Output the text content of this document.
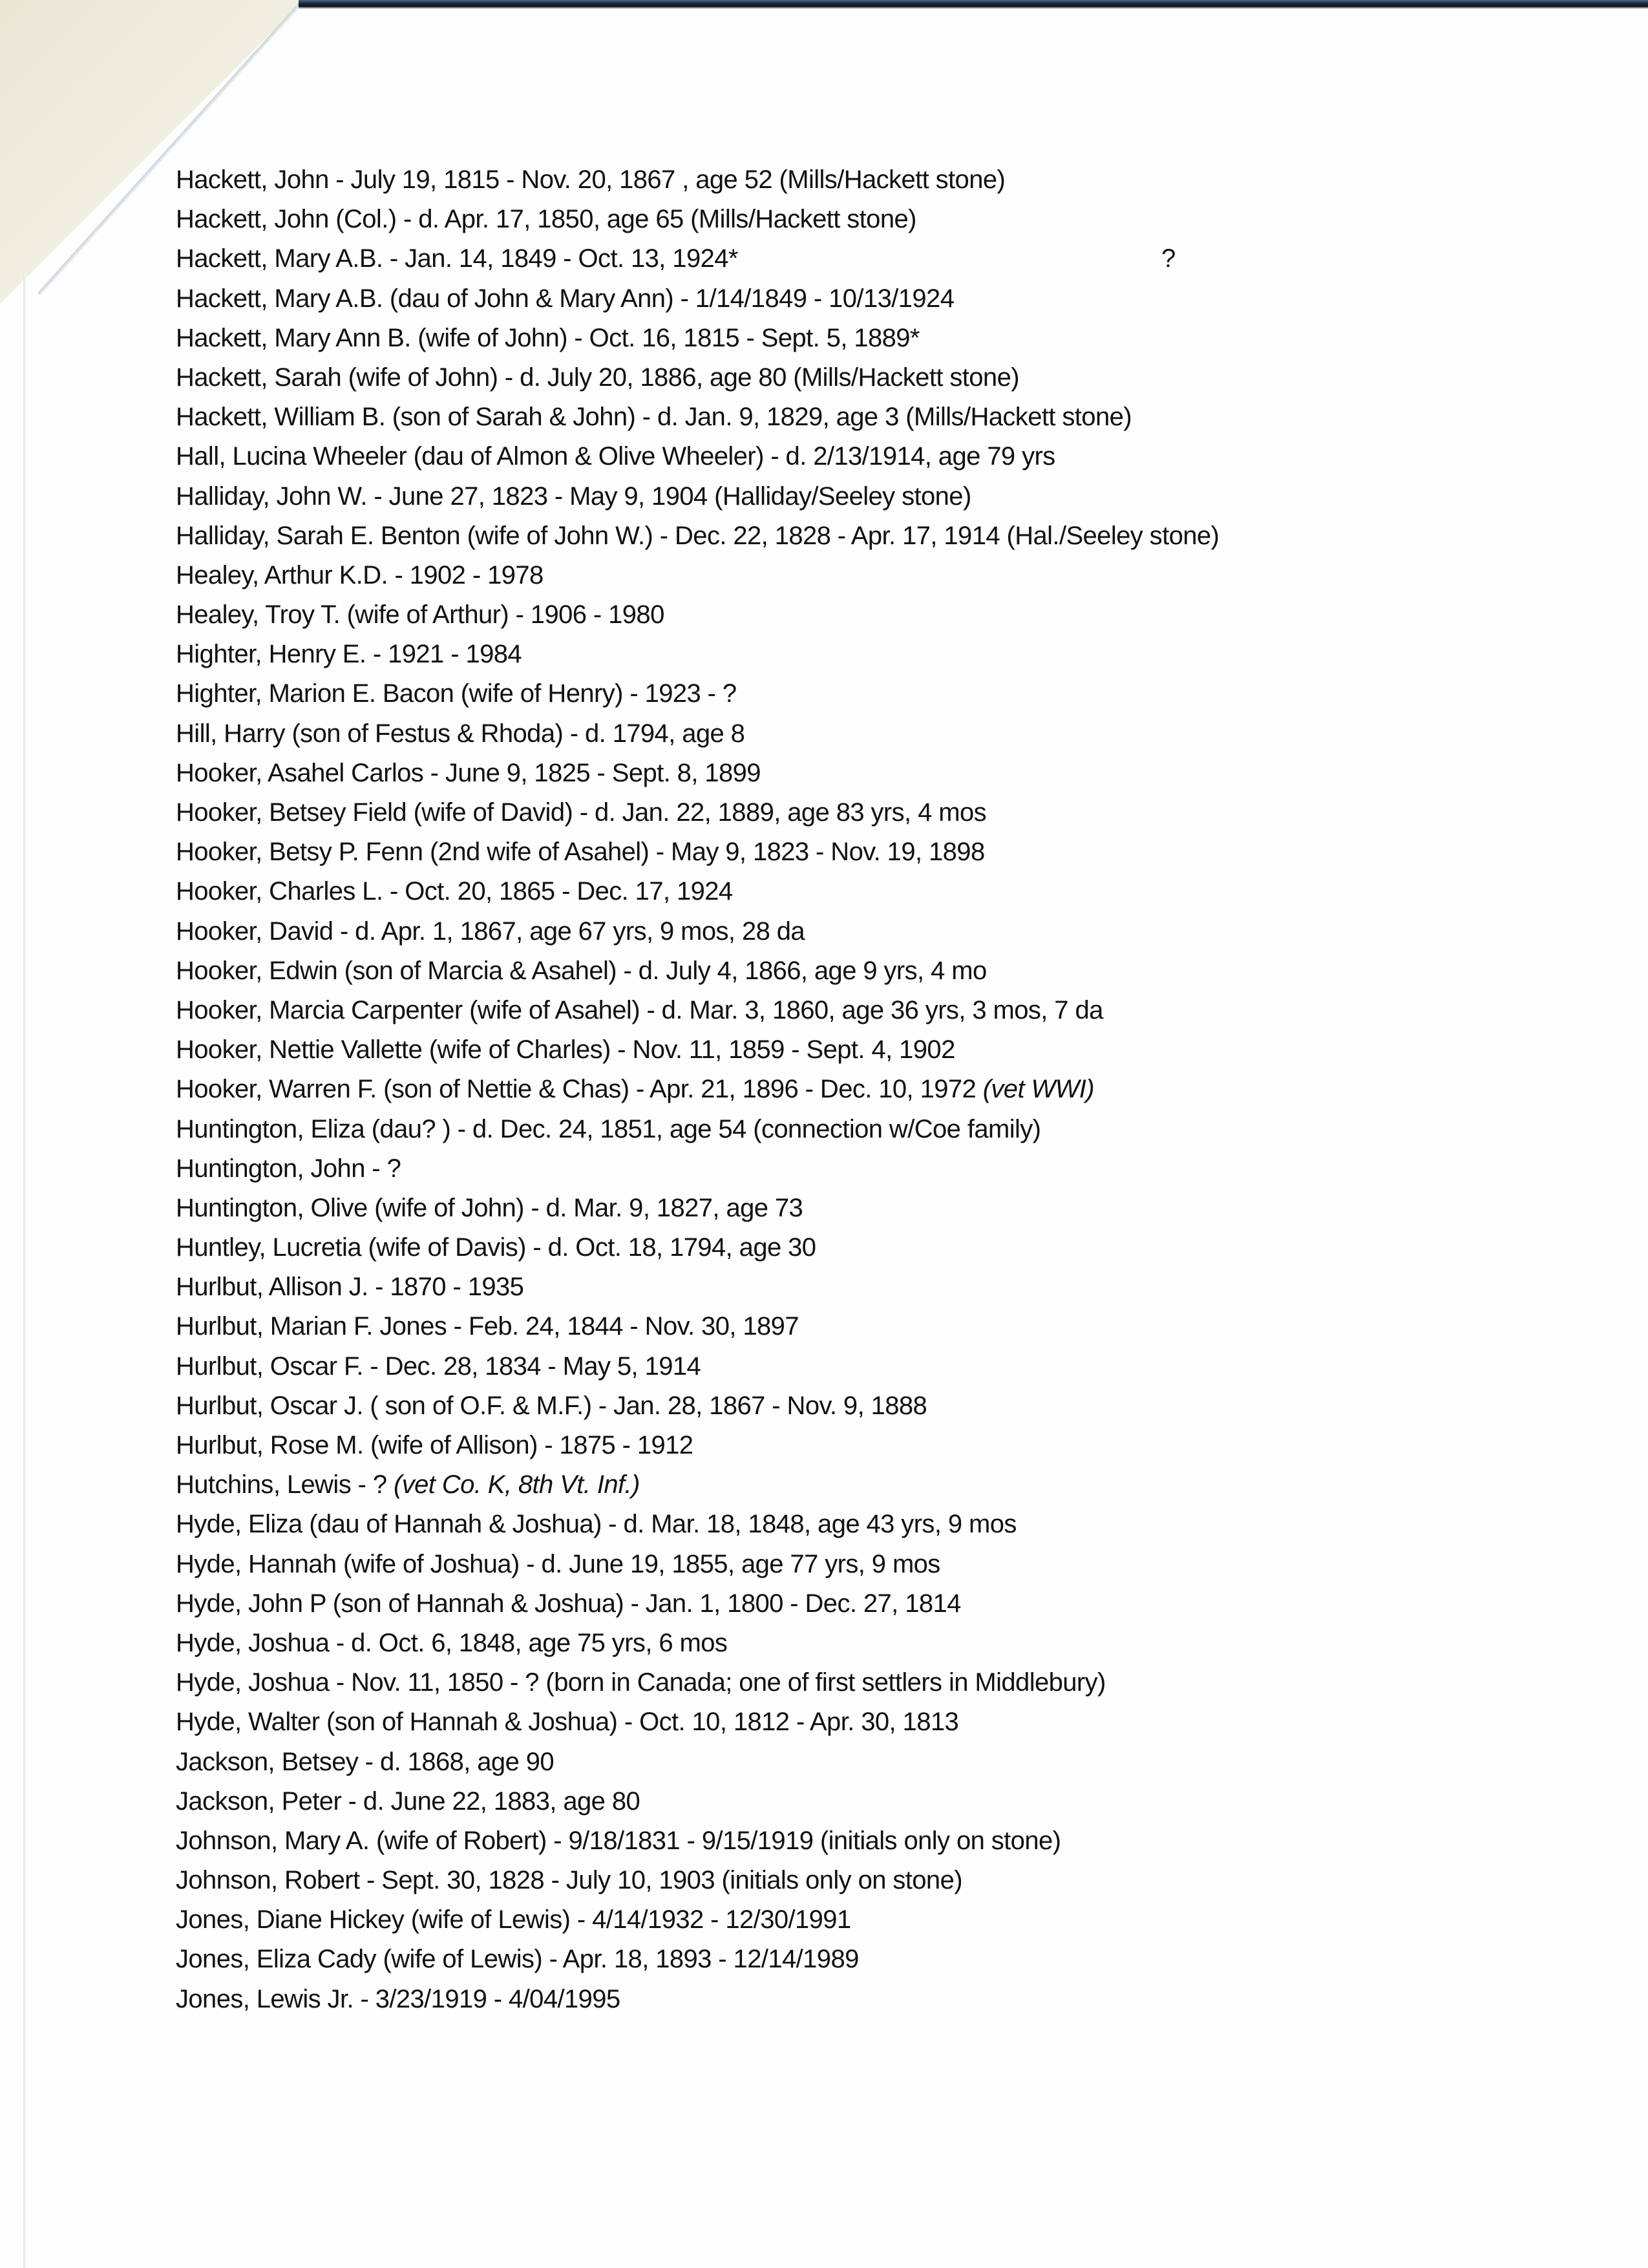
?
Hackett, John - July 19, 1815 - Nov. 20, 1867 , age 52 (Mills/Hackett stone)
Hackett, John (Col.) - d. Apr. 17, 1850, age 65 (Mills/Hackett stone)
Hackett, Mary A.B. - Jan. 14, 1849 - Oct. 13, 1924*
Hackett, Mary A.B. (dau of John & Mary Ann) - 1/14/1849 - 10/13/1924
Hackett, Mary Ann B. (wife of John) - Oct. 16, 1815 - Sept. 5, 1889*
Hackett, Sarah (wife of John) - d. July 20, 1886, age 80 (Mills/Hackett stone)
Hackett, William B. (son of Sarah & John) - d. Jan. 9, 1829, age 3 (Mills/Hackett stone)
Hall, Lucina Wheeler (dau of Almon & Olive Wheeler) - d. 2/13/1914, age 79 yrs
Halliday, John W. - June 27, 1823 - May 9, 1904 (Halliday/Seeley stone)
Halliday, Sarah E. Benton (wife of John W.) - Dec. 22, 1828 - Apr. 17, 1914 (Hal./Seeley stone)
Healey, Arthur K.D. - 1902 - 1978
Healey, Troy T. (wife of Arthur) - 1906 - 1980
Highter, Henry E. - 1921 - 1984
Highter, Marion E. Bacon (wife of Henry) - 1923 - ?
Hill, Harry (son of Festus & Rhoda) - d. 1794, age 8
Hooker, Asahel Carlos - June 9, 1825 - Sept. 8, 1899
Hooker, Betsey Field (wife of David) - d. Jan. 22, 1889, age 83 yrs, 4 mos
Hooker, Betsy P. Fenn (2nd wife of Asahel) - May 9, 1823 - Nov. 19, 1898
Hooker, Charles L. - Oct. 20, 1865 - Dec. 17, 1924
Hooker, David - d. Apr. 1, 1867, age 67 yrs, 9 mos, 28 da
Hooker, Edwin (son of Marcia & Asahel) - d. July 4, 1866, age 9 yrs, 4 mo
Hooker, Marcia Carpenter (wife of Asahel) - d. Mar. 3, 1860, age 36 yrs, 3 mos, 7 da
Hooker, Nettie Vallette (wife of Charles) - Nov. 11, 1859 - Sept. 4, 1902
Hooker, Warren F. (son of Nettie & Chas) - Apr. 21, 1896 - Dec. 10, 1972 (vet WWI)
Huntington, Eliza (dau? ) - d. Dec. 24, 1851, age 54 (connection w/Coe family)
Huntington, John - ?
Huntington, Olive (wife of John) - d. Mar. 9, 1827, age 73
Huntley, Lucretia (wife of Davis) - d. Oct. 18, 1794, age 30
Hurlbut, Allison J. - 1870 - 1935
Hurlbut, Marian F. Jones - Feb. 24, 1844 - Nov. 30, 1897
Hurlbut, Oscar F. - Dec. 28, 1834 - May 5, 1914
Hurlbut, Oscar J. ( son of O.F. & M.F.) - Jan. 28, 1867 - Nov. 9, 1888
Hurlbut, Rose M. (wife of Allison) - 1875 - 1912
Hutchins, Lewis - ? (vet Co. K, 8th Vt. Inf.)
Hyde, Eliza (dau of Hannah & Joshua) - d. Mar. 18, 1848, age 43 yrs, 9 mos
Hyde, Hannah (wife of Joshua) - d. June 19, 1855, age 77 yrs, 9 mos
Hyde, John P (son of Hannah & Joshua) - Jan. 1, 1800 - Dec. 27, 1814
Hyde, Joshua - d. Oct. 6, 1848, age 75 yrs, 6 mos
Hyde, Joshua - Nov. 11, 1850 - ? (born in Canada; one of first settlers in Middlebury)
Hyde, Walter (son of Hannah & Joshua) - Oct. 10, 1812 - Apr. 30, 1813
Jackson, Betsey - d. 1868, age 90
Jackson, Peter - d. June 22, 1883, age 80
Johnson, Mary A. (wife of Robert) - 9/18/1831 - 9/15/1919 (initials only on stone)
Johnson, Robert - Sept. 30, 1828 - July 10, 1903 (initials only on stone)
Jones, Diane Hickey (wife of Lewis) - 4/14/1932 - 12/30/1991
Jones, Eliza Cady (wife of Lewis) - Apr. 18, 1893 - 12/14/1989
Jones, Lewis Jr. - 3/23/1919 - 4/04/1995
